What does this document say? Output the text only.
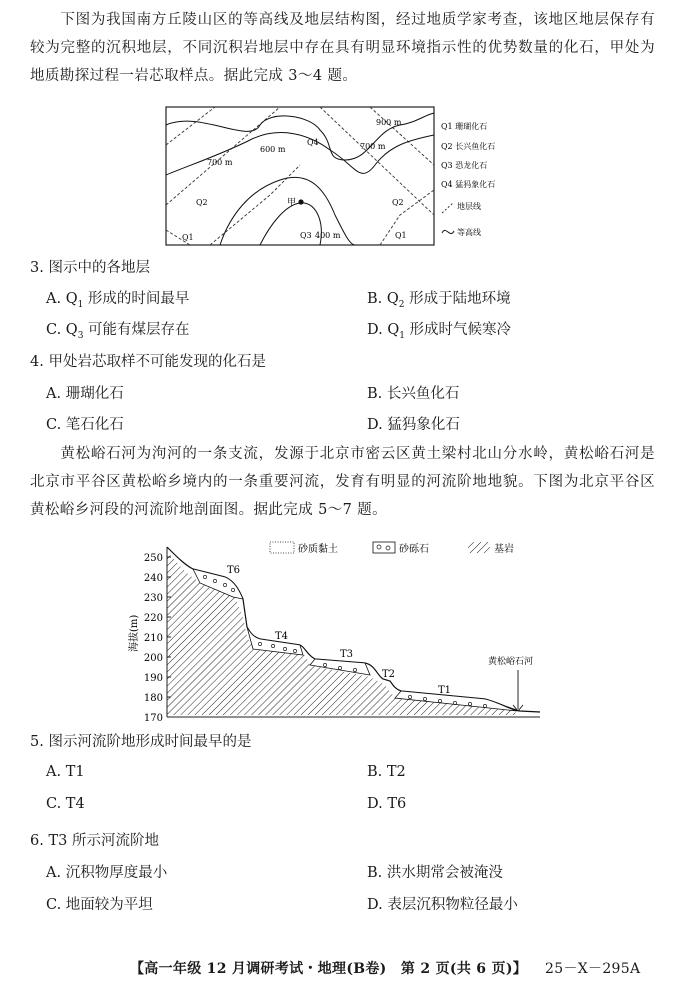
下图为我国南方丘陵山区的等高线及地层结构图，经过地质学家考查，该地区地层保存有较为完整的沉积地层，不同沉积岩地层中存在具有明显环境指示性的优势数量的化石，甲处为地质勘探过程一岩芯取样点。据此完成 3～4 题。
900 m
600 m
700 m
700 m
400 m
Q4
Q1
Q2
Q3	Q1
Q2
甲
Q1 珊瑚化石
Q2 长兴鱼化石
Q3 恐龙化石
Q4 猛犸象化石
地层线
等高线
3. 图示中的各地层
A. $Q_1$ 形成的时间最早	B. $Q_2$ 形成于陆地环境
C. $Q_3$ 可能有煤层存在	D. $Q_1$ 形成时气候寒冷
4. 甲处岩芯取样不可能发现的化石是
A. 珊瑚化石	B. 长兴鱼化石
C. 笔石化石	D. 猛犸象化石
黄松峪石河为泃河的一条支流，发源于北京市密云区黄土梁村北山分水岭，黄松峪石河是北京市平谷区黄松峪乡境内的一条重要河流，发育有明显的河流阶地地貌。下图为北京平谷区黄松峪乡河段的河流阶地剖面图。据此完成 5～7 题。
250
240
230
220
210
200
190
180
170
海拔(m)
T6
T4
T3
T2
T1
黄松峪石河
砂质黏土	砂砾石	基岩
5. 图示河流阶地形成时间最早的是
A. T1	B. T2
C. T4	D. T6
6. T3 所示河流阶地
A. 沉积物厚度最小	B. 洪水期常会被淹没
C. 地面较为平坦	D. 表层沉积物粒径最小
【高一年级 12 月调研考试・地理(B卷)　第 2 页(共 6 页)】 25－X－295A
